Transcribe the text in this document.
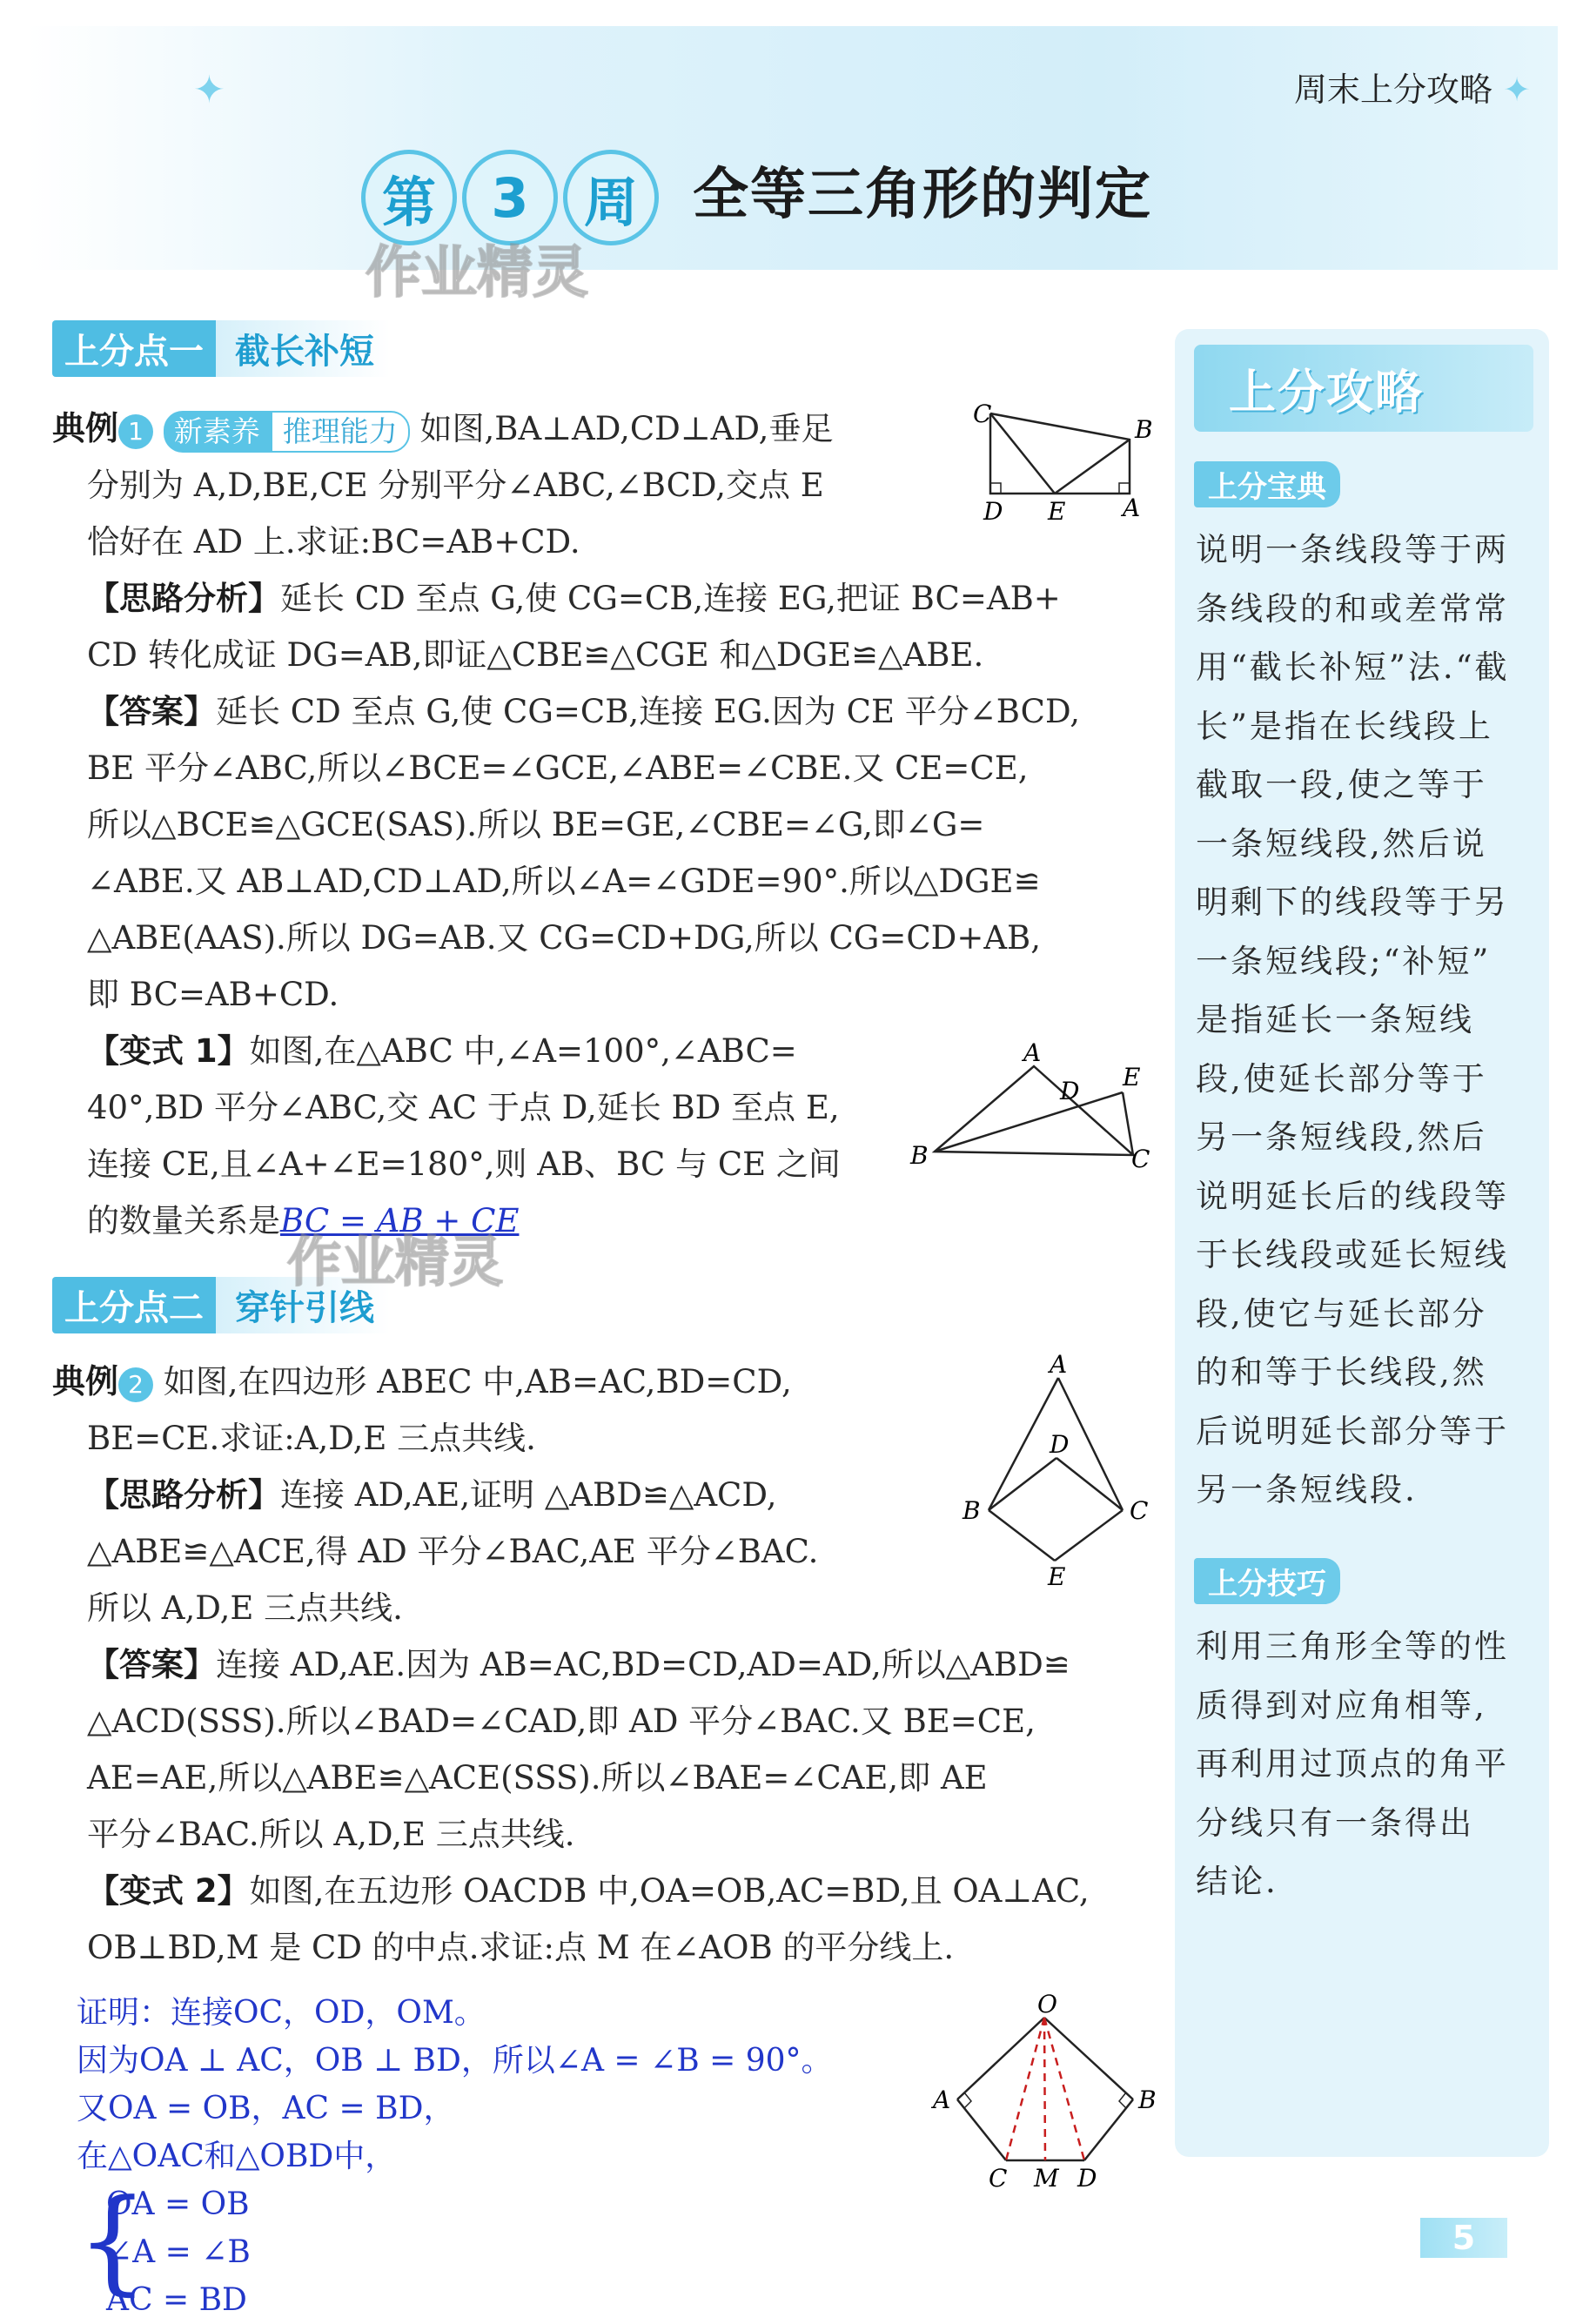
✦	周末上分攻略 ✦
第	3	周 全等三角形的判定
作业精灵
上分点一 截长补短

典例 1 新素养 推理能力 如图,BA⊥AD,CD⊥AD,垂足

分别为 A,D,BE,CE 分别平分∠ABC,∠BCD,交点 E

恰好在 AD 上.求证:BC=AB+CD.

【思路分析】延长 CD 至点 G,使 CG=CB,连接 EG,把证 BC=AB+

CD 转化成证 DG=AB,即证△CBE≌△CGE 和△DGE≌△ABE.

【答案】延长 CD 至点 G,使 CG=CB,连接 EG.因为 CE 平分∠BCD,

BE 平分∠ABC,所以∠BCE=∠GCE,∠ABE=∠CBE.又 CE=CE,

所以△BCE≌△GCE(SAS).所以 BE=GE,∠CBE=∠G,即∠G=

∠ABE.又 AB⊥AD,CD⊥AD,所以∠A=∠GDE=90°.所以△DGE≌

△ABE(AAS).所以 DG=AB.又 CG=CD+DG,所以 CG=CD+AB,

即 BC=AB+CD.

【变式 1】如图,在△ABC 中,∠A=100°,∠ABC=

40°,BD 平分∠ABC,交 AC 于点 D,延长 BD 至点 E,

连接 CE,且∠A+∠E=180°,则 AB、BC 与 CE 之间

的数量关系是BC = AB + CE

C
B
D E A
A
D E
B	C
上分点二 穿针引线
作业精灵

典例 2 如图,在四边形 ABEC 中,AB=AC,BD=CD,

BE=CE.求证:A,D,E 三点共线.

【思路分析】连接 AD,AE,证明 △ABD≌△ACD,

△ABE≌△ACE,得 AD 平分∠BAC,AE 平分∠BAC.

所以 A,D,E 三点共线.

【答案】连接 AD,AE.因为 AB=AC,BD=CD,AD=AD,所以△ABD≌

△ACD(SSS).所以∠BAD=∠CAD,即 AD 平分∠BAC.又 BE=CE,

AE=AE,所以△ABE≌△ACE(SSS).所以∠BAE=∠CAE,即 AE

平分∠BAC.所以 A,D,E 三点共线.

【变式 2】如图,在五边形 OACDB 中,OA=OB,AC=BD,且 OA⊥AC,

OB⊥BD,M 是 CD 的中点.求证:点 M 在∠AOB 的平分线上.

A
D
B	C
E
证明：连接OC，OD，OM。
因为OA ⊥ AC，OB ⊥ BD，所以∠A = ∠B = 90°。
又OA = OB，AC = BD，
在△OAC和△OBD中，
{
OA = OB
∠A = ∠B
AC = BD
O
A	B
C M D
上分攻略
上分宝典
说明一条线段等于两
条线段的和或差常常
用“截长补短”法.“截
长”是指在长线段上
截取一段,使之等于
一条短线段,然后说
明剩下的线段等于另
一条短线段;“补短”
是指延长一条短线
段,使延长部分等于
另一条短线段,然后
说明延长后的线段等
于长线段或延长短线
段,使它与延长部分
的和等于长线段,然
后说明延长部分等于
另一条短线段.
上分技巧
利用三角形全等的性
质得到对应角相等,
再利用过顶点的角平
分线只有一条得出
结论.
5
